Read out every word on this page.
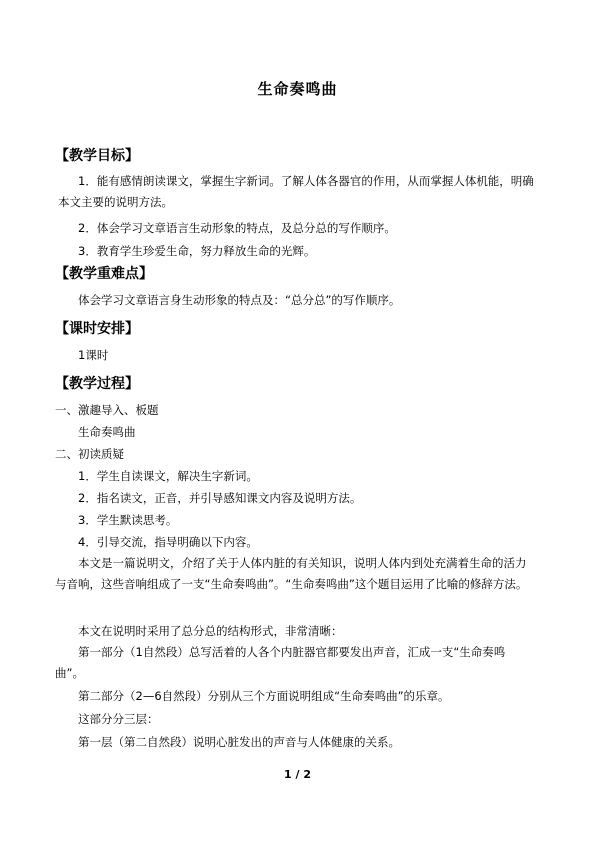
生命奏鸣曲
【教学目标】
1．能有感情朗读课文，掌握生字新词。了解人体各器官的作用，从而掌握人体机能，明确本文主要的说明方法。
2．体会学习文章语言生动形象的特点，及总分总的写作顺序。
3．教育学生珍爱生命，努力释放生命的光辉。
【教学重难点】
体会学习文章语言身生动形象的特点及：“总分总”的写作顺序。
【课时安排】
1课时
【教学过程】
一、激趣导入、板题
生命奏鸣曲
二、初读质疑
1．学生自读课文，解决生字新词。
2．指名读文，正音，并引导感知课文内容及说明方法。
3．学生默读思考。
4．引导交流，指导明确以下内容。
本文是一篇说明文，介绍了关于人体内脏的有关知识，说明人体内到处充满着生命的活力与音响，这些音响组成了一支“生命奏鸣曲”。“生命奏鸣曲”这个题目运用了比喻的修辞方法。
本文在说明时采用了总分总的结构形式，非常清晰：
第一部分（1自然段）总写活着的人各个内脏器官都要发出声音，汇成一支“生命奏鸣曲”。
第二部分（2—6自然段）分别从三个方面说明组成“生命奏鸣曲”的乐章。
这部分分三层：
第一层（第二自然段）说明心脏发出的声音与人体健康的关系。
1 / 2
